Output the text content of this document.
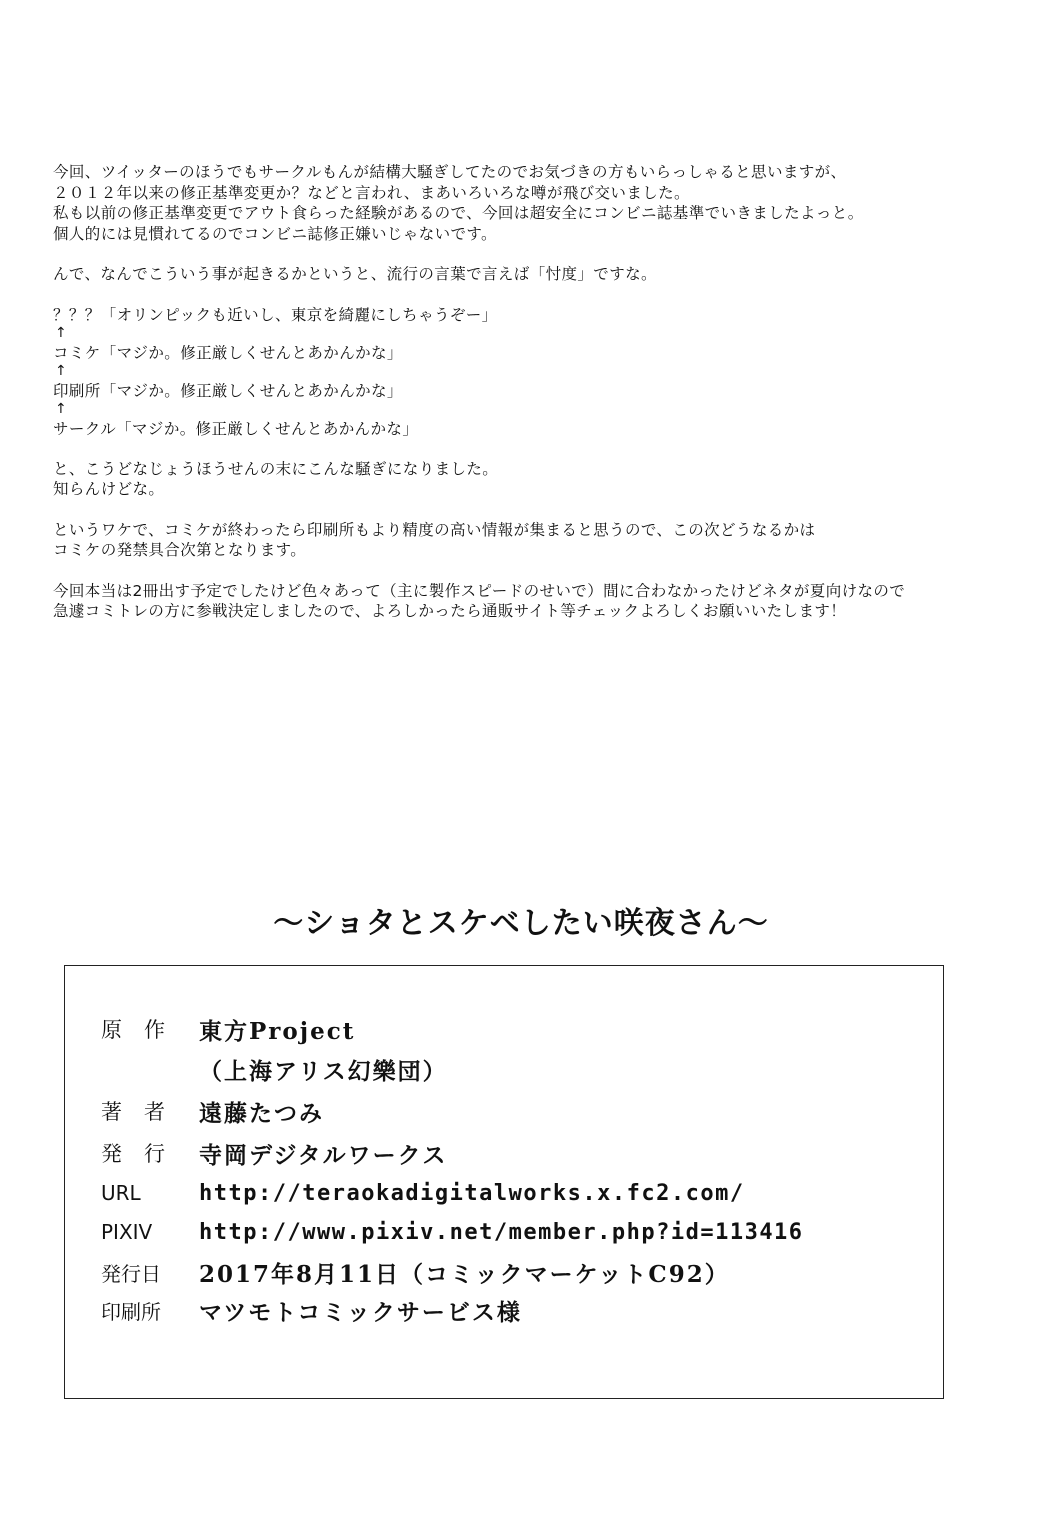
今回、ツイッターのほうでもサークルもんが結構大騒ぎしてたのでお気づきの方もいらっしゃると思いますが、

２０１２年以来の修正基準変更か？などと言われ、まあいろいろな噂が飛び交いました。

私も以前の修正基準変更でアウト食らった経験があるので、今回は超安全にコンビニ誌基準でいきましたよっと。

個人的には見慣れてるのでコンビニ誌修正嫌いじゃないです。

んで、なんでこういう事が起きるかというと、流行の言葉で言えば「忖度」ですな。

？？？「オリンピックも近いし、東京を綺麗にしちゃうぞー」

↑

コミケ「マジか。修正厳しくせんとあかんかな」

↑

印刷所「マジか。修正厳しくせんとあかんかな」

↑

サークル「マジか。修正厳しくせんとあかんかな」

と、こうどなじょうほうせんの末にこんな騒ぎになりました。

知らんけどな。

というワケで、コミケが終わったら印刷所もより精度の高い情報が集まると思うので、この次どうなるかは

コミケの発禁具合次第となります。

今回本当は2冊出す予定でしたけど色々あって（主に製作スピードのせいで）間に合わなかったけどネタが夏向けなので

急遽コミトレの方に参戦決定しましたので、よろしかったら通販サイト等チェックよろしくお願いいたします！

～ショタとスケベしたい咲夜さん～
原作 東方Project
（上海アリス幻樂団）
著者 遠藤たつみ
発行 寺岡デジタルワークス
URL	http://teraokadigitalworks.x.fc2.com/
PIXIV	http://www.pixiv.net/member.php?id=113416
発行日	2017年8月11日（コミックマーケットC92）
印刷所	マツモトコミックサービス様
